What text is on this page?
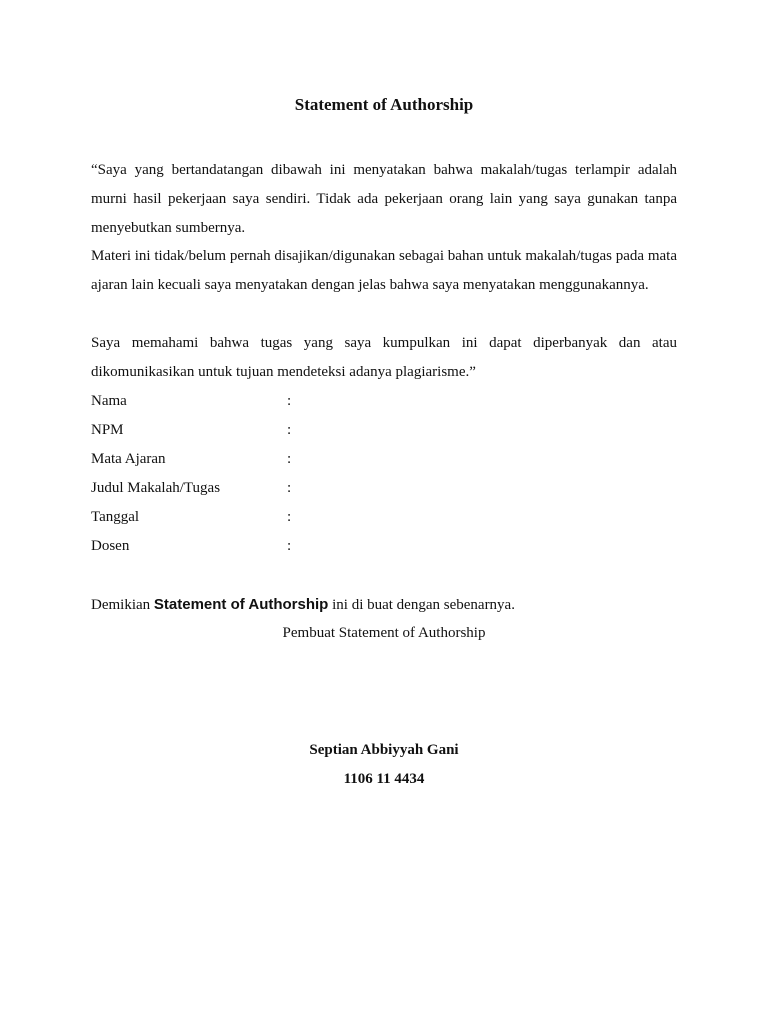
Statement of Authorship

“Saya yang bertandatangan dibawah ini menyatakan bahwa makalah/tugas terlampir adalah murni hasil pekerjaan saya sendiri. Tidak ada pekerjaan orang lain yang saya gunakan tanpa menyebutkan sumbernya.

Materi ini tidak/belum pernah disajikan/digunakan sebagai bahan untuk makalah/tugas pada mata ajaran lain kecuali saya menyatakan dengan jelas bahwa saya menyatakan menggunakannya.

Saya memahami bahwa tugas yang saya kumpulkan ini dapat diperbanyak dan atau dikomunikasikan untuk tujuan mendeteksi adanya plagiarisme.”

Nama	:
NPM	:
Mata Ajaran	:
Judul Makalah/Tugas	:
Tanggal	:
Dosen	:
Demikian Statement of Authorship ini di buat dengan sebenarnya.
Pembuat Statement of Authorship
Septian Abbiyyah Gani
1106 11 4434
